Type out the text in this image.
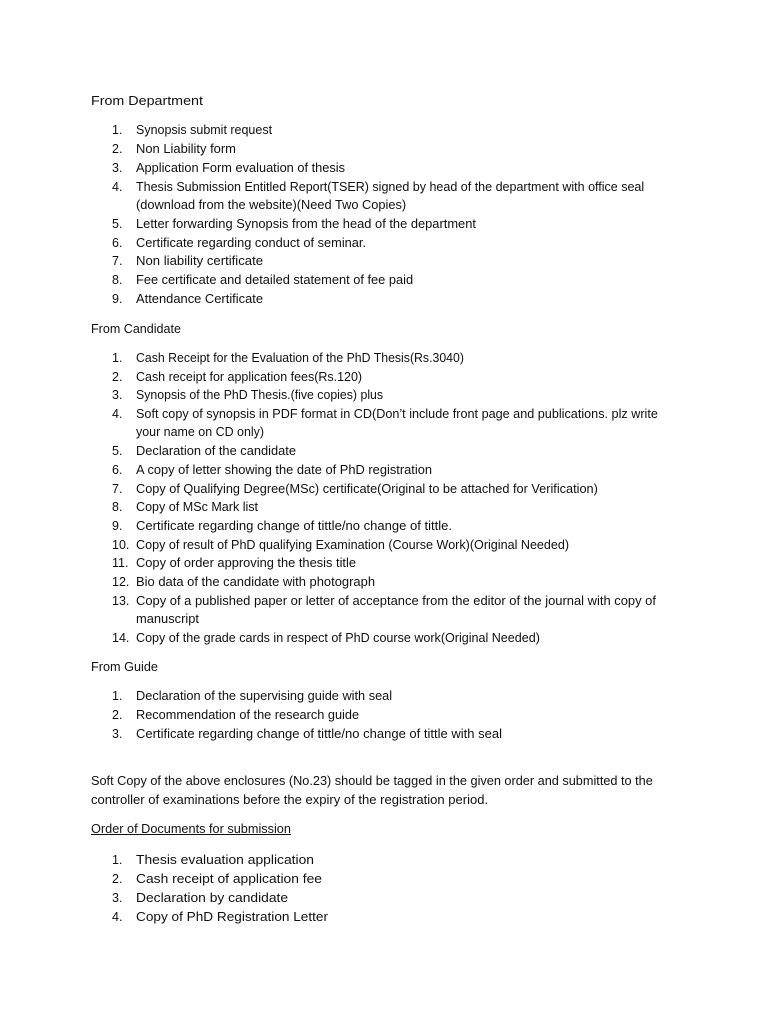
From Department
1. Synopsis submit request
2. Non Liability form
3. Application Form evaluation of thesis
4. Thesis Submission Entitled Report(TSER) signed by head of the department with office seal
(download from the website)(Need Two Copies)
5. Letter forwarding Synopsis from the head of the department
6. Certificate regarding conduct of seminar.
7. Non liability certificate
8. Fee certificate and detailed statement of fee paid
9. Attendance Certificate
From Candidate
1. Cash Receipt for the Evaluation of the PhD Thesis(Rs.3040)
2. Cash receipt for application fees(Rs.120)
3. Synopsis of the PhD Thesis.(five copies) plus
4. Soft copy of synopsis in PDF format in CD(Don’t include front page and publications. plz write
your name on CD only)
5. Declaration of the candidate
6. A copy of letter showing the date of PhD registration
7. Copy of Qualifying Degree(MSc) certificate(Original to be attached for Verification)
8. Copy of MSc Mark list
9. Certificate regarding change of tittle/no change of tittle.
10. Copy of result of PhD qualifying Examination (Course Work)(Original Needed)
11. Copy of order approving the thesis title
12. Bio data of the candidate with photograph
13. Copy of a published paper or letter of acceptance from the editor of the journal with copy of
manuscript
14. Copy of the grade cards in respect of PhD course work(Original Needed)
From Guide
1. Declaration of the supervising guide with seal
2. Recommendation of the research guide
3. Certificate regarding change of tittle/no change of tittle with seal
Soft Copy of the above enclosures (No.23) should be tagged in the given order and submitted to the
controller of examinations before the expiry of the registration period.
Order of Documents for submission
1. Thesis evaluation application
2. Cash receipt of application fee
3. Declaration by candidate
4. Copy of PhD Registration Letter
